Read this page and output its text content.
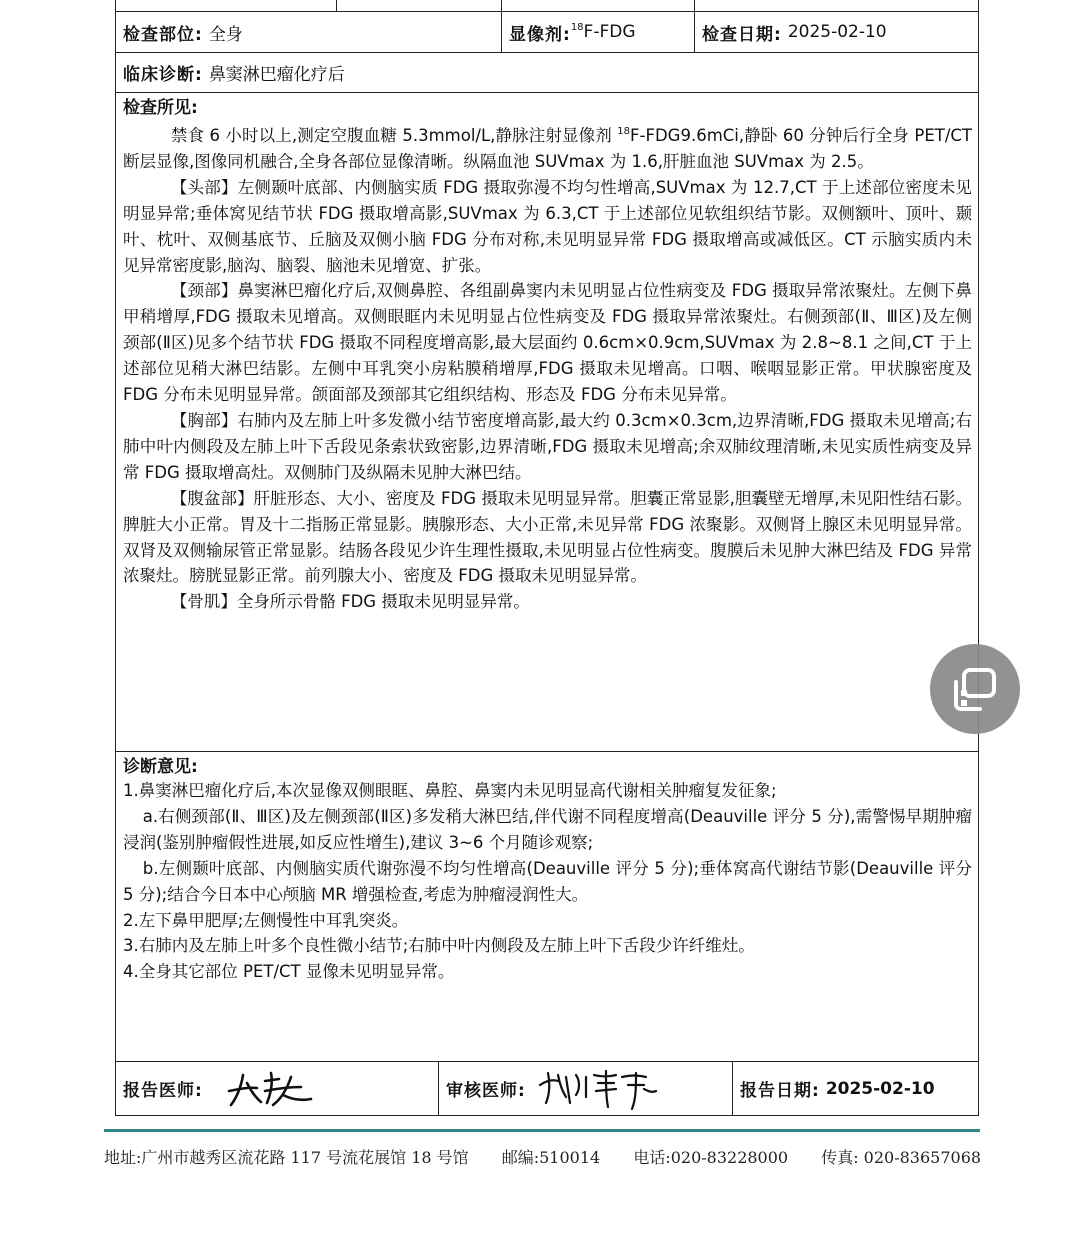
检查部位: 全身	显像剂: $^{18}$F-FDG	检查日期: 2025-02-10
临床诊断: 鼻窦淋巴瘤化疗后
检查所见:

禁食 6 小时以上,测定空腹血糖 5.3mmol/L,静脉注射显像剂 $^{18}$F-FDG9.6mCi,静卧 60 分钟后行全身 PET/CT 断层显像,图像同机融合,全身各部位显像清晰。纵隔血池 SUVmax 为 1.6,肝脏血池 SUVmax 为 2.5。

【头部】左侧颞叶底部、内侧脑实质 FDG 摄取弥漫不均匀性增高,SUVmax 为 12.7,CT 于上述部位密度未见明显异常;垂体窝见结节状 FDG 摄取增高影,SUVmax 为 6.3,CT 于上述部位见软组织结节影。双侧额叶、顶叶、颞叶、枕叶、双侧基底节、丘脑及双侧小脑 FDG 分布对称,未见明显异常 FDG 摄取增高或减低区。CT 示脑实质内未见异常密度影,脑沟、脑裂、脑池未见增宽、扩张。

【颈部】鼻窦淋巴瘤化疗后,双侧鼻腔、各组副鼻窦内未见明显占位性病变及 FDG 摄取异常浓聚灶。左侧下鼻甲稍增厚,FDG 摄取未见增高。双侧眼眶内未见明显占位性病变及 FDG 摄取异常浓聚灶。右侧颈部(Ⅱ、Ⅲ区)及左侧颈部(Ⅱ区)见多个结节状 FDG 摄取不同程度增高影,最大层面约 0.6cm×0.9cm,SUVmax 为 2.8~8.1 之间,CT 于上述部位见稍大淋巴结影。左侧中耳乳突小房粘膜稍增厚,FDG 摄取未见增高。口咽、喉咽显影正常。甲状腺密度及 FDG 分布未见明显异常。颌面部及颈部其它组织结构、形态及 FDG 分布未见异常。

【胸部】右肺内及左肺上叶多发微小结节密度增高影,最大约 0.3cm×0.3cm,边界清晰,FDG 摄取未见增高;右肺中叶内侧段及左肺上叶下舌段见条索状致密影,边界清晰,FDG 摄取未见增高;余双肺纹理清晰,未见实质性病变及异常 FDG 摄取增高灶。双侧肺门及纵隔未见肿大淋巴结。

【腹盆部】肝脏形态、大小、密度及 FDG 摄取未见明显异常。胆囊正常显影,胆囊壁无增厚,未见阳性结石影。脾脏大小正常。胃及十二指肠正常显影。胰腺形态、大小正常,未见异常 FDG 浓聚影。双侧肾上腺区未见明显异常。双肾及双侧输尿管正常显影。结肠各段见少许生理性摄取,未见明显占位性病变。腹膜后未见肿大淋巴结及 FDG 异常浓聚灶。膀胱显影正常。前列腺大小、密度及 FDG 摄取未见明显异常。

【骨肌】全身所示骨骼 FDG 摄取未见明显异常。

诊断意见:

1.鼻窦淋巴瘤化疗后,本次显像双侧眼眶、鼻腔、鼻窦内未见明显高代谢相关肿瘤复发征象;

a.右侧颈部(Ⅱ、Ⅲ区)及左侧颈部(Ⅱ区)多发稍大淋巴结,伴代谢不同程度增高(Deauville 评分 5 分),需警惕早期肿瘤浸润(鉴别肿瘤假性进展,如反应性增生),建议 3~6 个月随诊观察;

b.左侧颞叶底部、内侧脑实质代谢弥漫不均匀性增高(Deauville 评分 5 分);垂体窝高代谢结节影(Deauville 评分 5 分);结合今日本中心颅脑 MR 增强检查,考虑为肿瘤浸润性大。

2.左下鼻甲肥厚;左侧慢性中耳乳突炎。

3.右肺内及左肺上叶多个良性微小结节;右肺中叶内侧段及左肺上叶下舌段少许纤维灶。

4.全身其它部位 PET/CT 显像未见明显异常。

报告医师:	审核医师:	报告日期: 2025-02-10
地址:广州市越秀区流花路 117 号流花展馆 18 号馆 邮编:510014 电话:020-83228000 传真: 020-83657068
